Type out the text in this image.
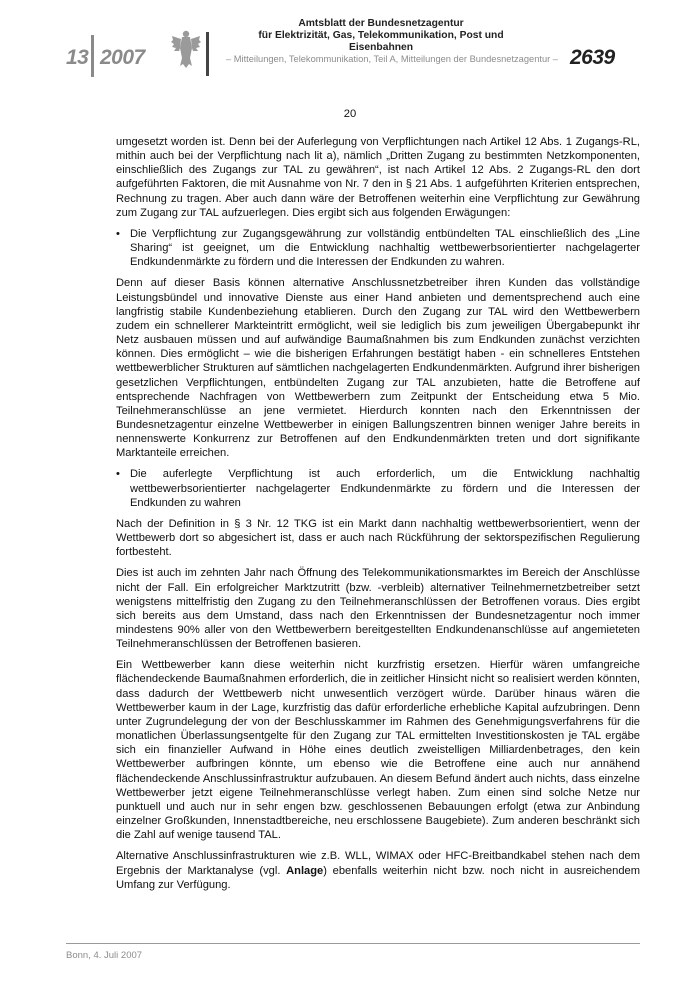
13 2007
Amtsblatt der Bundesnetzagentur
für Elektrizität, Gas, Telekommunikation, Post und Eisenbahnen
– Mitteilungen, Telekommunikation, Teil A, Mitteilungen der Bundesnetzagentur – 2639
20

umgesetzt worden ist. Denn bei der Auferlegung von Verpflichtungen nach Artikel 12 Abs. 1 Zugangs-RL, mithin auch bei der Verpflichtung nach lit a), nämlich „Dritten Zugang zu bestimmten Netzkomponenten, einschließlich des Zugangs zur TAL zu gewähren“, ist nach Artikel 12 Abs. 2 Zugangs-RL den dort aufgeführten Faktoren, die mit Ausnahme von Nr. 7 den in § 21 Abs. 1 aufgeführten Kriterien entsprechen, Rechnung zu tragen. Aber auch dann wäre der Betroffenen weiterhin eine Verpflichtung zur Gewährung zum Zugang zur TAL aufzuerlegen. Dies ergibt sich aus folgenden Erwägungen:

• Die Verpflichtung zur Zugangsgewährung zur vollständig entbündelten TAL einschließlich des „Line Sharing“ ist geeignet, um die Entwicklung nachhaltig wettbewerbsorientierter nachgelagerter Endkundenmärkte zu fördern und die Interessen der Endkunden zu wahren.

Denn auf dieser Basis können alternative Anschlussnetzbetreiber ihren Kunden das vollständige Leistungsbündel und innovative Dienste aus einer Hand anbieten und dementsprechend auch eine langfristig stabile Kundenbeziehung etablieren. Durch den Zugang zur TAL wird den Wettbewerbern zudem ein schnellerer Markteintritt ermöglicht, weil sie lediglich bis zum jeweiligen Übergabepunkt ihr Netz ausbauen müssen und auf aufwändige Baumaßnahmen bis zum Endkunden zunächst verzichten können. Dies ermöglicht – wie die bisherigen Erfahrungen bestätigt haben - ein schnelleres Entstehen wettbewerblicher Strukturen auf sämtlichen nachgelagerten Endkundenmärkten. Aufgrund ihrer bisherigen gesetzlichen Verpflichtungen, entbündelten Zugang zur TAL anzubieten, hatte die Betroffene auf entsprechende Nachfragen von Wettbewerbern zum Zeitpunkt der Entscheidung etwa 5 Mio. Teilnehmeranschlüsse an jene vermietet. Hierdurch konnten nach den Erkenntnissen der Bundesnetzagentur einzelne Wettbewerber in einigen Ballungszentren binnen weniger Jahre bereits in nennenswerte Konkurrenz zur Betroffenen auf den Endkundenmärkten treten und dort signifikante Marktanteile erreichen.

• Die auferlegte Verpflichtung ist auch erforderlich, um die Entwicklung nachhaltig wettbewerbsorientierter nachgelagerter Endkundenmärkte zu fördern und die Interessen der Endkunden zu wahren

Nach der Definition in § 3 Nr. 12 TKG ist ein Markt dann nachhaltig wettbewerbsorientiert, wenn der Wettbewerb dort so abgesichert ist, dass er auch nach Rückführung der sektorspezifischen Regulierung fortbesteht.

Dies ist auch im zehnten Jahr nach Öffnung des Telekommunikationsmarktes im Bereich der Anschlüsse nicht der Fall. Ein erfolgreicher Marktzutritt (bzw. -verbleib) alternativer Teilnehmernetzbetreiber setzt wenigstens mittelfristig den Zugang zu den Teilnehmeranschlüssen der Betroffenen voraus. Dies ergibt sich bereits aus dem Umstand, dass nach den Erkenntnissen der Bundesnetzagentur noch immer mindestens 90% aller von den Wettbewerbern bereitgestellten Endkundenanschlüsse auf angemieteten Teilnehmeranschlüssen der Betroffenen basieren.

Ein Wettbewerber kann diese weiterhin nicht kurzfristig ersetzen. Hierfür wären umfangreiche flächendeckende Baumaßnahmen erforderlich, die in zeitlicher Hinsicht nicht so realisiert werden könnten, dass dadurch der Wettbewerb nicht unwesentlich verzögert würde. Darüber hinaus wären die Wettbewerber kaum in der Lage, kurzfristig das dafür erforderliche erhebliche Kapital aufzubringen. Denn unter Zugrundelegung der von der Beschlusskammer im Rahmen des Genehmigungsverfahrens für die monatlichen Überlassungsentgelte für den Zugang zur TAL ermittelten Investitionskosten je TAL ergäbe sich ein finanzieller Aufwand in Höhe eines deutlich zweistelligen Milliardenbetrages, den kein Wettbewerber aufbringen könnte, um ebenso wie die Betroffene eine auch nur annähend flächendeckende Anschlussinfrastruktur aufzubauen. An diesem Befund ändert auch nichts, dass einzelne Wettbewerber jetzt eigene Teilnehmeranschlüsse verlegt haben. Zum einen sind solche Netze nur punktuell und auch nur in sehr engen bzw. geschlossenen Bebauungen erfolgt (etwa zur Anbindung einzelner Großkunden, Innenstadtbereiche, neu erschlossene Baugebiete). Zum anderen beschränkt sich die Zahl auf wenige tausend TAL.

Alternative Anschlussinfrastrukturen wie z.B. WLL, WIMAX oder HFC-Breitbandkabel stehen nach dem Ergebnis der Marktanalyse (vgl. Anlage) ebenfalls weiterhin nicht bzw. noch nicht in ausreichendem Umfang zur Verfügung.

Bonn, 4. Juli 2007
